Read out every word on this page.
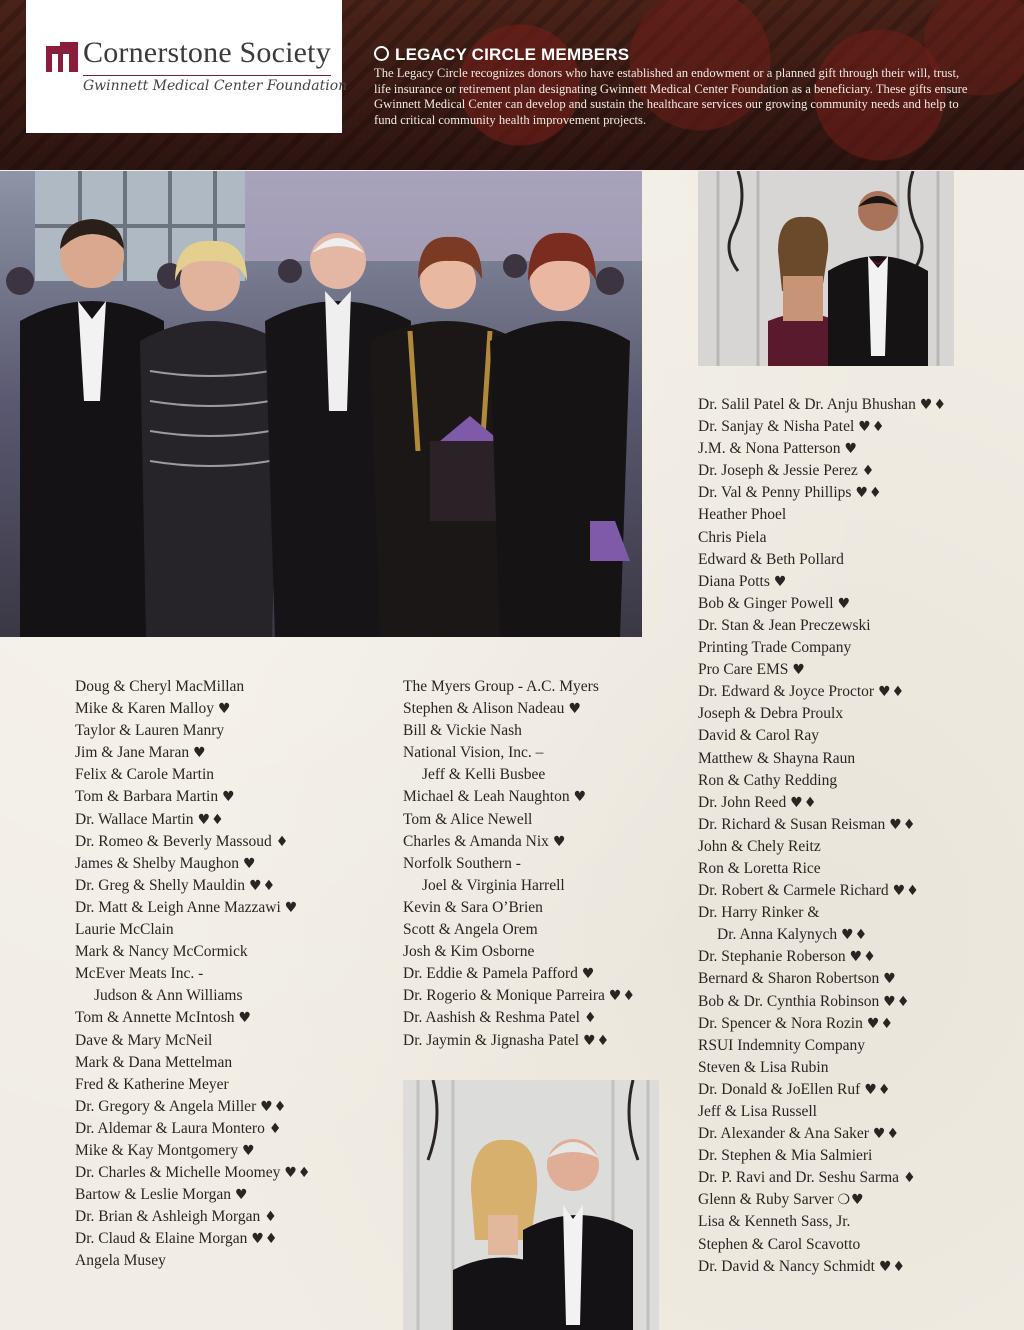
Cornerstone Society
Gwinnett Medical Center Foundation
LEGACY CIRCLE MEMBERS
The Legacy Circle recognizes donors who have established an endowment or a planned gift through their will, trust, life insurance or retirement plan designating Gwinnett Medical Center Foundation as a beneficiary. These gifts ensure Gwinnett Medical Center can develop and sustain the healthcare services our growing community needs and help to fund critical community health improvement projects.
Doug & Cheryl MacMillan
Mike & Karen Malloy ♥
Taylor & Lauren Manry
Jim & Jane Maran ♥
Felix & Carole Martin
Tom & Barbara Martin ♥
Dr. Wallace Martin ♥♦
Dr. Romeo & Beverly Massoud ♦
James & Shelby Maughon ♥
Dr. Greg & Shelly Mauldin ♥♦
Dr. Matt & Leigh Anne Mazzawi ♥
Laurie McClain
Mark & Nancy McCormick
McEver Meats Inc. -
Judson & Ann Williams
Tom & Annette McIntosh ♥
Dave & Mary McNeil
Mark & Dana Mettelman
Fred & Katherine Meyer
Dr. Gregory & Angela Miller ♥♦
Dr. Aldemar & Laura Montero ♦
Mike & Kay Montgomery ♥
Dr. Charles & Michelle Moomey ♥♦
Bartow & Leslie Morgan ♥
Dr. Brian & Ashleigh Morgan ♦
Dr. Claud & Elaine Morgan ♥♦
Angela Musey
The Myers Group - A.C. Myers
Stephen & Alison Nadeau ♥
Bill & Vickie Nash
National Vision, Inc. –
Jeff & Kelli Busbee
Michael & Leah Naughton ♥
Tom & Alice Newell
Charles & Amanda Nix ♥
Norfolk Southern -
Joel & Virginia Harrell
Kevin & Sara O’Brien
Scott & Angela Orem
Josh & Kim Osborne
Dr. Eddie & Pamela Pafford ♥
Dr. Rogerio & Monique Parreira ♥♦
Dr. Aashish & Reshma Patel ♦
Dr. Jaymin & Jignasha Patel ♥♦
Dr. Salil Patel & Dr. Anju Bhushan ♥♦
Dr. Sanjay & Nisha Patel ♥♦
J.M. & Nona Patterson ♥
Dr. Joseph & Jessie Perez ♦
Dr. Val & Penny Phillips ♥♦
Heather Phoel
Chris Piela
Edward & Beth Pollard
Diana Potts ♥
Bob & Ginger Powell ♥
Dr. Stan & Jean Preczewski
Printing Trade Company
Pro Care EMS ♥
Dr. Edward & Joyce Proctor ♥♦
Joseph & Debra Proulx
David & Carol Ray
Matthew & Shayna Raun
Ron & Cathy Redding
Dr. John Reed ♥♦
Dr. Richard & Susan Reisman ♥♦
John & Chely Reitz
Ron & Loretta Rice
Dr. Robert & Carmele Richard ♥♦
Dr. Harry Rinker &
Dr. Anna Kalynych ♥♦
Dr. Stephanie Roberson ♥♦
Bernard & Sharon Robertson ♥
Bob & Dr. Cynthia Robinson ♥♦
Dr. Spencer & Nora Rozin ♥♦
RSUI Indemnity Company
Steven & Lisa Rubin
Dr. Donald & JoEllen Ruf ♥♦
Jeff & Lisa Russell
Dr. Alexander & Ana Saker ♥♦
Dr. Stephen & Mia Salmieri
Dr. P. Ravi and Dr. Seshu Sarma ♦
Glenn & Ruby Sarver ❍♥
Lisa & Kenneth Sass, Jr.
Stephen & Carol Scavotto
Dr. David & Nancy Schmidt ♥♦
